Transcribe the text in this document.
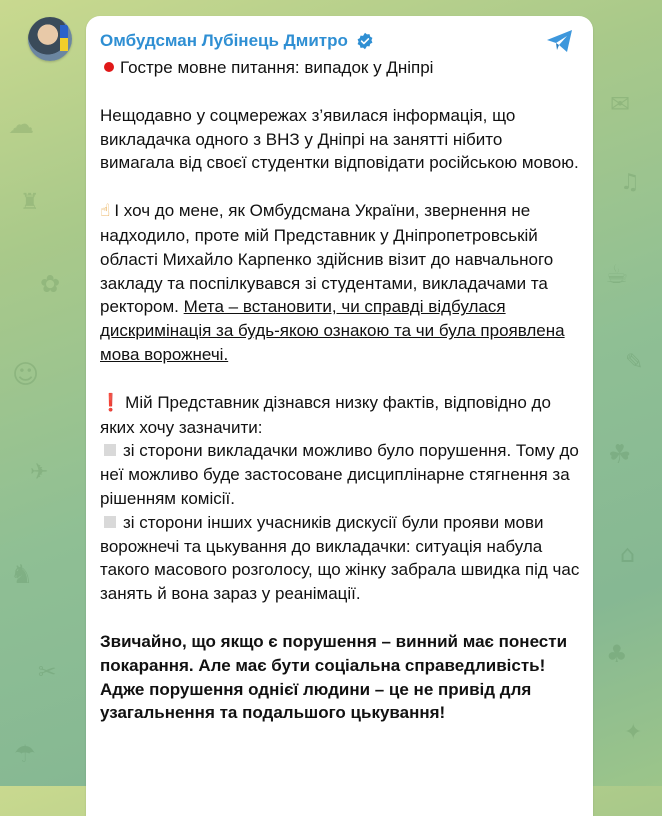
☁
♜
✿
☺
✈
♞
✂
☂
✉
♫
☕
✎
☘
⌂
♣
✦
Омбудсман Лубінець Дмитро

Гостре мовне питання: випадок у Дніпрі

Нещодавно у соцмережах з’явилася інформація, що викладачка одного з ВНЗ у Дніпрі на занятті нібито вимагала від своєї студентки відповідати російською мовою.

☝ І хоч до мене, як Омбудсмана України, звернення не надходило, проте мій Представник у Дніпропетровській області Михайло Карпенко здійснив візит до навчального закладу та поспілкувався зі студентами, викладачами та ректором. Мета – встановити, чи справді відбулася дискримінація за будь-якою ознакою та чи була проявлена мова ворожнечі.

❗ Мій Представник дізнався низку фактів, відповідно до яких хочу зазначити:

зі сторони викладачки можливо було порушення. Тому до неї можливо буде застосоване дисциплінарне стягнення за рішенням комісії.

зі сторони інших учасників дискусії були прояви мови ворожнечі та цькування до викладачки: ситуація набула такого масового розголосу, що жінку забрала швидка під час занять й вона зараз у реанімації.

Звичайно, що якщо є порушення – винний має понести покарання. Але має бути соціальна справедливість! Адже порушення однієї людини – це не привід для узагальнення та подальшого цькування!
